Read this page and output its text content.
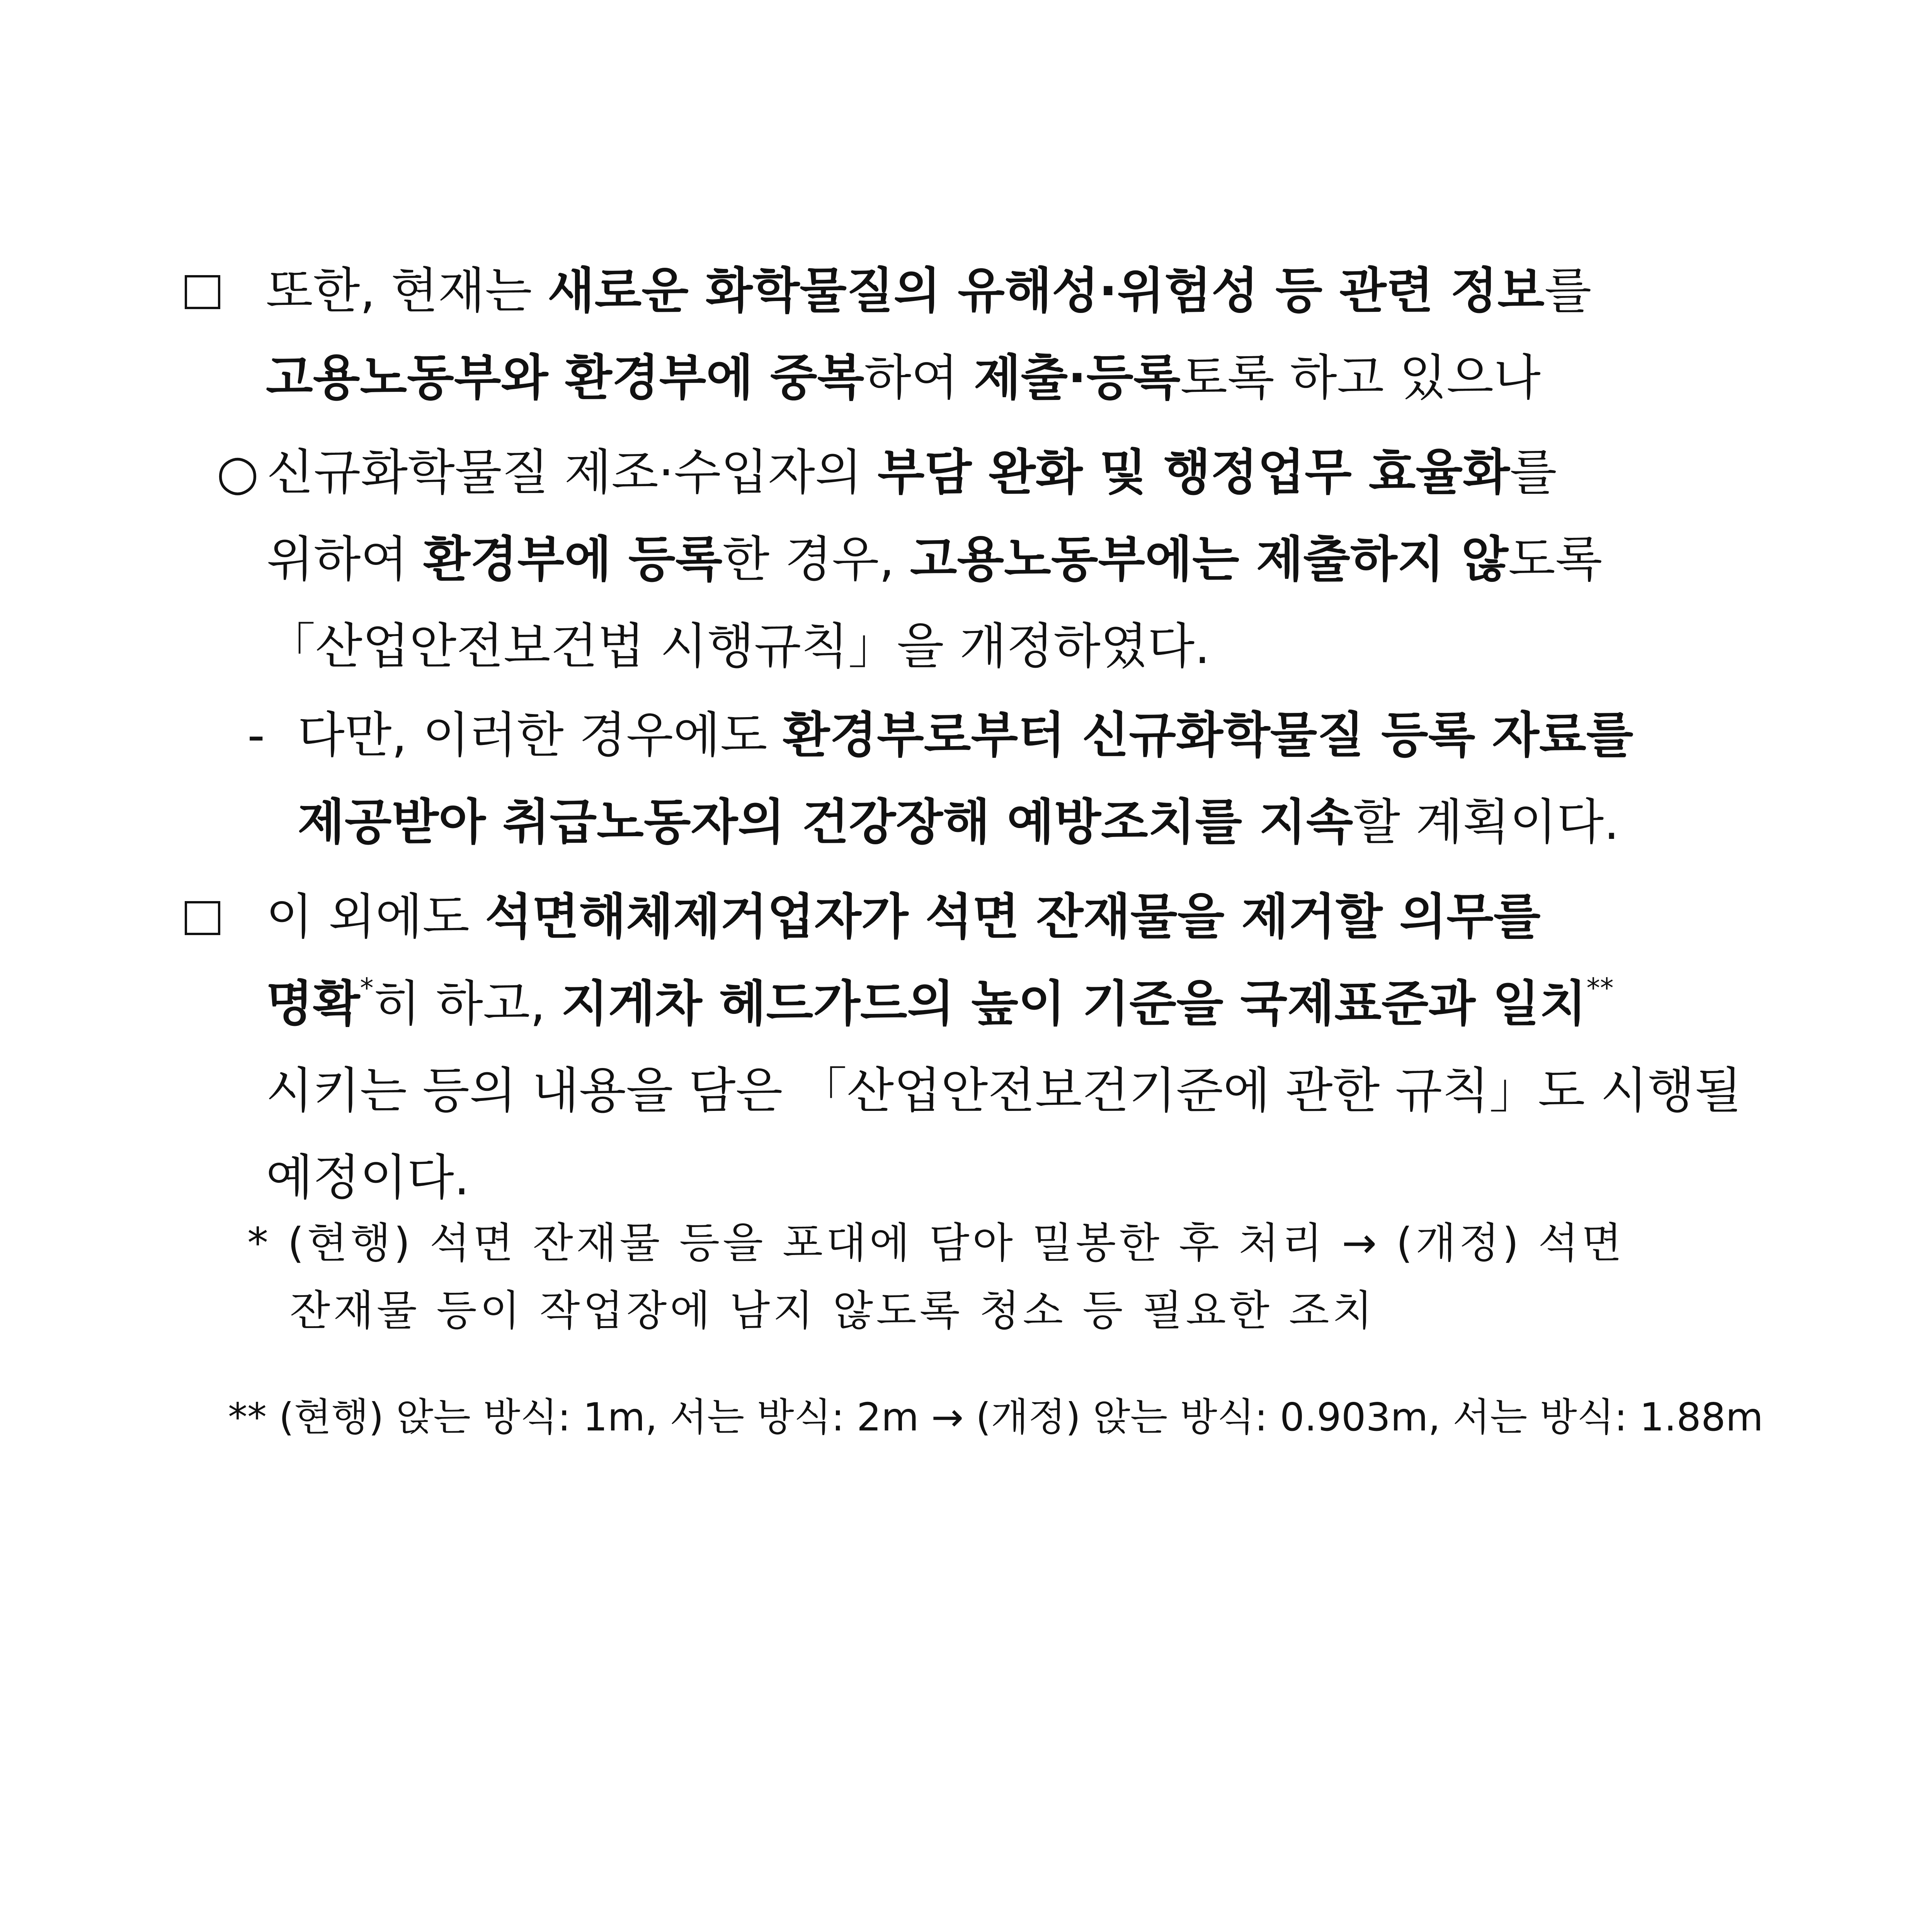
또한, 현재는 새로운 화학물질의 유해성·위험성 등 관련 정보를
고용노동부와 환경부에 중복하여 제출·등록토록 하고 있으나
○ 신규화학물질 제조·수입자의 부담 완화 및 행정업무 효율화를
위하여 환경부에 등록한 경우, 고용노동부에는 제출하지 않도록
「산업안전보건법 시행규칙」을 개정하였다.
- 다만, 이러한 경우에도 환경부로부터 신규화학물질 등록 자료를
제공받아 취급노동자의 건강장해 예방조치를 지속할 계획이다.
이 외에도 석면해체제거업자가 석면 잔재물을 제거할 의무를
명확*히 하고, 지게차 헤드가드의 높이 기준을 국제표준과 일치**
시키는 등의 내용을 담은 「산업안전보건기준에 관한 규칙」도 시행될
예정이다.
* (현행) 석면 잔재물 등을 포대에 담아 밀봉한 후 처리 → (개정) 석면
잔재물 등이 작업장에 남지 않도록 청소 등 필요한 조치
** (현행) 앉는 방식: 1m, 서는 방식: 2m → (개정) 앉는 방식: 0.903m, 서는 방식: 1.88m
